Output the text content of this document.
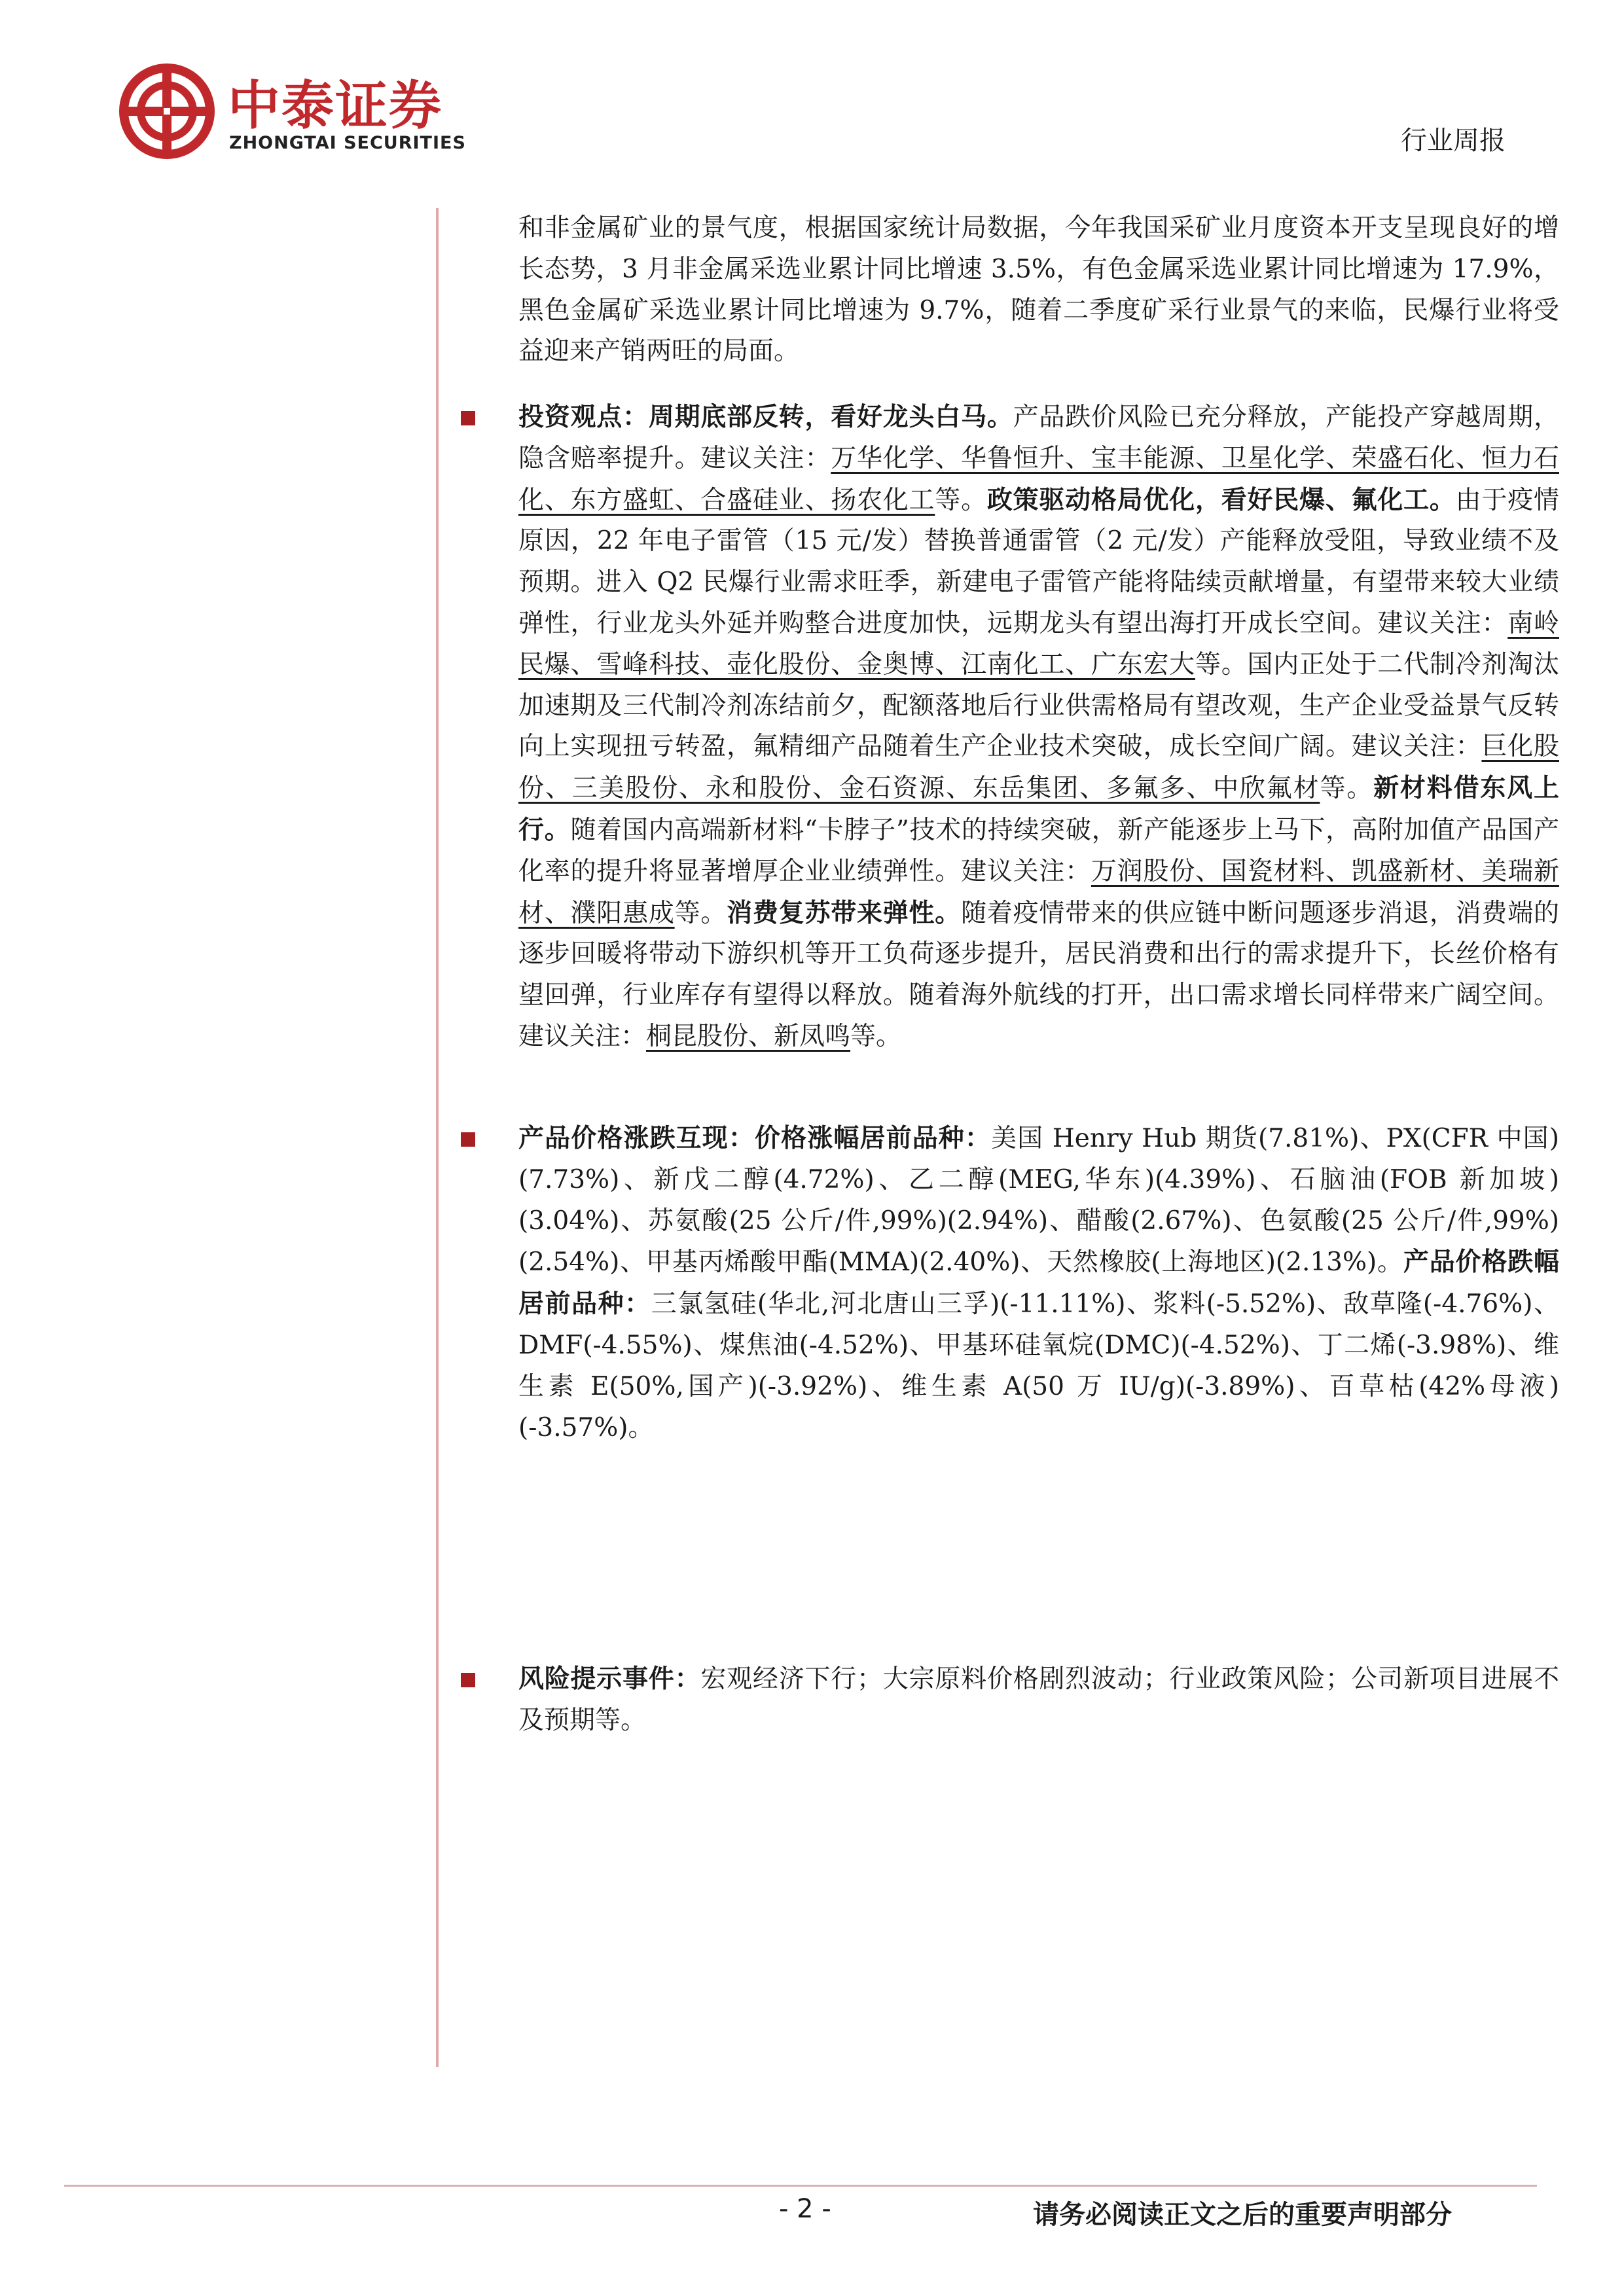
中泰证券
ZHONGTAI SECURITIES	行业周报

和非金属矿业的景气度，根据国家统计局数据，今年我国采矿业月度资本开支呈现良好的增长态势，3 月非金属采选业累计同比增速 3.5%，有色金属采选业累计同比增速为 17.9%，黑色金属矿采选业累计同比增速为 9.7%，随着二季度矿采行业景气的来临，民爆行业将受益迎来产销两旺的局面。

投资观点：周期底部反转，看好龙头白马。产品跌价风险已充分释放，产能投产穿越周期，隐含赔率提升。建议关注：万华化学、华鲁恒升、宝丰能源、卫星化学、荣盛石化、恒力石化、东方盛虹、合盛硅业、扬农化工等。政策驱动格局优化，看好民爆、氟化工。由于疫情原因，22 年电子雷管（15 元/发）替换普通雷管（2 元/发）产能释放受阻，导致业绩不及预期。进入 Q2 民爆行业需求旺季，新建电子雷管产能将陆续贡献增量，有望带来较大业绩弹性，行业龙头外延并购整合进度加快，远期龙头有望出海打开成长空间。建议关注：南岭民爆、雪峰科技、壶化股份、金奥博、江南化工、广东宏大等。国内正处于二代制冷剂淘汰加速期及三代制冷剂冻结前夕，配额落地后行业供需格局有望改观，生产企业受益景气反转向上实现扭亏转盈，氟精细产品随着生产企业技术突破，成长空间广阔。建议关注：巨化股份、三美股份、永和股份、金石资源、东岳集团、多氟多、中欣氟材等。新材料借东风上行。随着国内高端新材料“卡脖子”技术的持续突破，新产能逐步上马下，高附加值产品国产化率的提升将显著增厚企业业绩弹性。建议关注：万润股份、国瓷材料、凯盛新材、美瑞新材、濮阳惠成等。消费复苏带来弹性。随着疫情带来的供应链中断问题逐步消退，消费端的逐步回暖将带动下游织机等开工负荷逐步提升，居民消费和出行的需求提升下，长丝价格有望回弹，行业库存有望得以释放。随着海外航线的打开，出口需求增长同样带来广阔空间。建议关注：桐昆股份、新凤鸣等。

产品价格涨跌互现：价格涨幅居前品种：美国 Henry Hub 期货(7.81%)、PX(CFR 中国)(7.73%)、新戊二醇(4.72%)、乙二醇(MEG,华东)(4.39%)、石脑油(FOB 新加坡)(3.04%)、苏氨酸(25 公斤/件,99%)(2.94%)、醋酸(2.67%)、色氨酸(25 公斤/件,99%)(2.54%)、甲基丙烯酸甲酯(MMA)(2.40%)、天然橡胶(上海地区)(2.13%)。产品价格跌幅居前品种：三氯氢硅(华北,河北唐山三孚)(-11.11%)、浆料(-5.52%)、敌草隆(-4.76%)、DMF(-4.55%)、煤焦油(-4.52%)、甲基环硅氧烷(DMC)(-4.52%)、丁二烯(-3.98%)、维生素 E(50%,国产)(-3.92%)、维生素 A(50 万 IU/g)(-3.89%)、百草枯(42%母液)(-3.57%)。

风险提示事件：宏观经济下行；大宗原料价格剧烈波动；行业政策风险；公司新项目进展不及预期等。

- 2 -	请务必阅读正文之后的重要声明部分
